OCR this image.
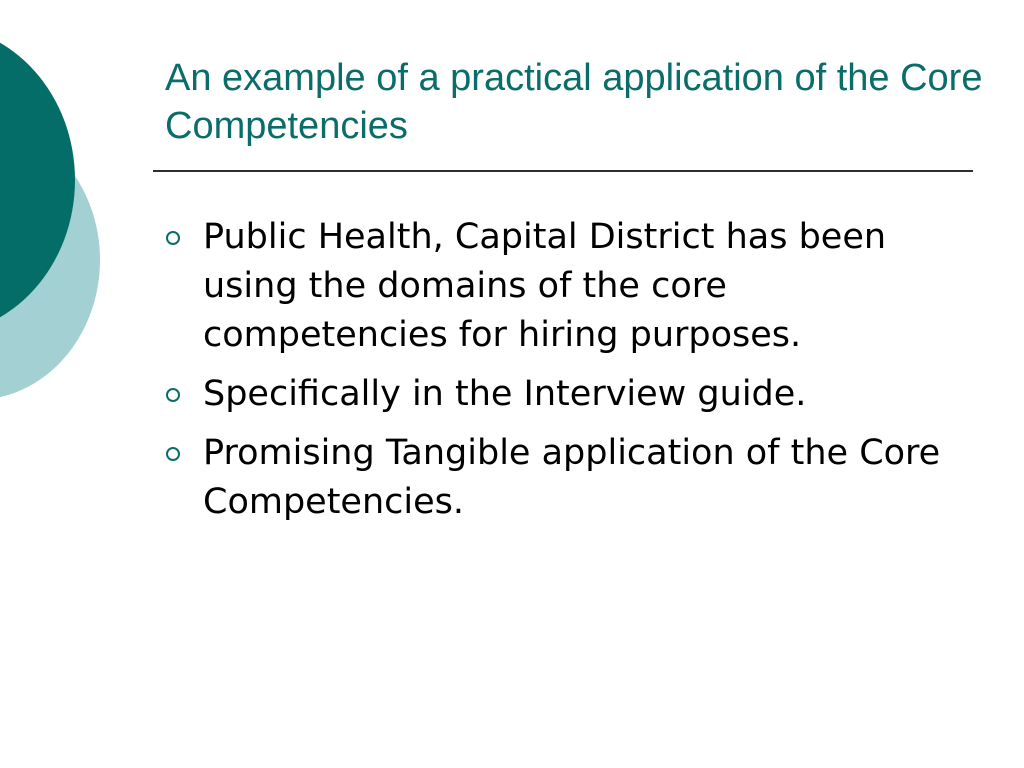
An example of a practical application of the Core Competencies
Public Health, Capital District has been using the domains of the core competencies for hiring purposes.
Specifically in the Interview guide.
Promising Tangible application of the Core Competencies.
